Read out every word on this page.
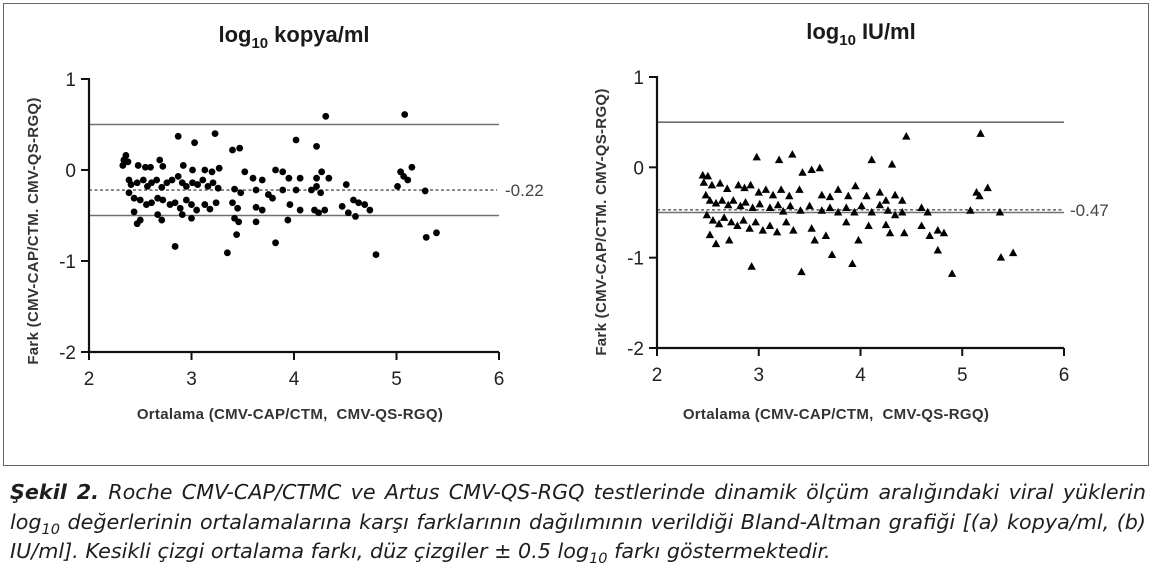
$\log_{10}$ kopya/ml
-0.22
1
0
-1
-2
2	3	4	5	6
Ortalama (CMV-CAP/CTM,  CMV-QS-RGQ)
Fark (CMV-CAP/CTM. CMV-QS-RGQ)
$\log_{10} IU/ml$
-0.47
1
0
-1
-2
2	3	4	5	6
Ortalama (CMV-CAP/CTM,  CMV-QS-RGQ)
Fark (CMV-CAP/CTM. CMV-QS-RGQ)

Şekil 2. Roche CMV-CAP/CTMC ve Artus CMV-QS-RGQ testlerinde dinamik ölçüm aralığındaki viral yüklerin $\log_{10}$ değerlerinin ortalamalarına karşı farklarının dağılımının verildiği Bland-Altman grafiği [(a) kopya/ml, (b) IU/ml]. Kesikli çizgi ortalama farkı, düz çizgiler ± 0.5 $\log_{10}$ farkı göstermektedir.
